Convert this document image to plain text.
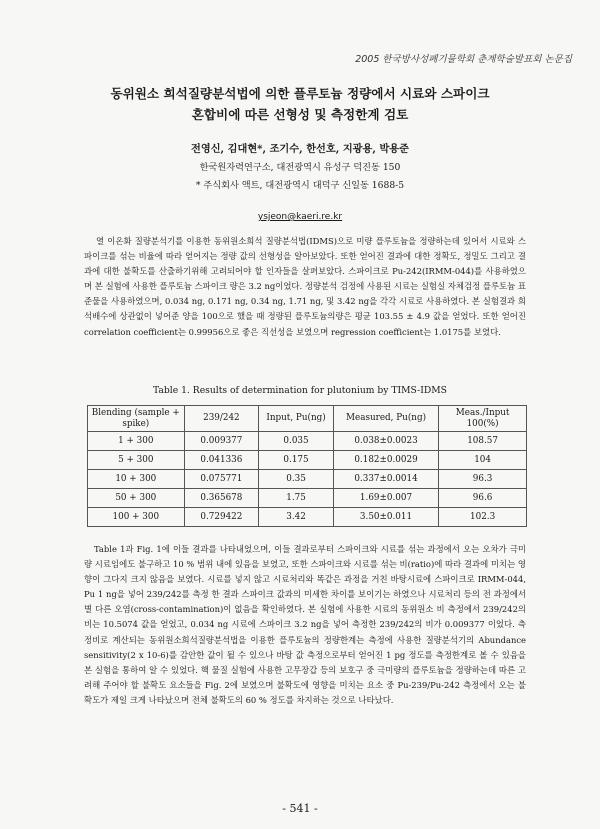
2005 한국방사성폐기물학회 춘계학술발표회 논문집
동위원소 희석질량분석법에 의한 플루토늄 정량에서 시료와 스파이크
혼합비에 따른 선형성 및 측정한계 검토
전영신, 김대현*, 조기수, 한선호, 지광용, 박용준
한국원자력연구소, 대전광역시 유성구 덕진동 150
* 주식회사 액트, 대전광역시 대덕구 신일동 1688-5
ysjeon@kaeri.re.kr
열 이온화 질량분석기를 이용한 동위원소희석 질량분석법(IDMS)으로 미량 플루토늄을 정량하는데 있어서 시료와 스파이크를 섞는 비율에 따라 얻어지는 정량 값의 선형성을 알아보았다. 또한 얻어진 결과에 대한 정확도, 정밀도 그리고 결과에 대한 불확도를 산출하기위해 고려되어야 할 인자들을 살펴보았다. 스파이크로 Pu-242(IRMM-044)를 사용하였으며 본 실험에 사용한 플루토늄 스파이크 량은 3.2 ng이었다. 정량분석 검정에 사용된 시료는 실험실 자체검정 플루토늄 표준물을 사용하였으며, 0.034 ng, 0.171 ng, 0.34 ng, 1.71 ng, 및 3.42 ng을 각각 시료로 사용하였다. 본 실험결과 희석배수에 상관없이 넣어준 양을 100으로 했을 때 정량된 플루토늄의량은 평균 103.55 ± 4.9 값을 얻었다. 또한 얻어진 correlation coefficient는 0.99956으로 좋은 직선성을 보였으며 regression coefficient는 1.0175를 보였다.
Table 1. Results of determination for plutonium by TIMS-IDMS
Blending (sample + spike)	239/242	Input, Pu(ng)	Measured, Pu(ng)	Meas./Input 100(%)
1 + 300	0.009377	0.035	0.038±0.0023	108.57
5 + 300	0.041336	0.175	0.182±0.0029	104
10 + 300	0.075771	0.35	0.337±0.0014	96.3
50 + 300	0.365678	1.75	1.69±0.007	96.6
100 + 300	0.729422	3.42	3.50±0.011	102.3
Table 1과 Fig. 1에 이들 결과를 나타내었으며, 이들 결과로부터 스파이크와 시료를 섞는 과정에서 오는 오차가 극미량 시료임에도 불구하고 10 % 범위 내에 있음을 보였고, 또한 스파이크와 시료를 섞는 비(ratio)에 따라 결과에 미치는 영향이 그다지 크지 않음을 보였다. 시료를 넣지 않고 시료처리와 똑같은 과정을 거친 바탕시료에 스파이크로 IRMM-044, Pu 1 ng을 넣어 239/242를 측정 한 결과 스파이크 값과의 미세한 차이를 보이기는 하였으나 시료처리 등의 전 과정에서 별 다른 오염(cross-contamination)이 없음을 확인하였다. 본 실험에 사용한 시료의 동위원소 비 측정에서 239/242의 비는 10.5074 값을 얻었고, 0.034 ng 시료에 스파이크 3.2 ng을 넣어 측정한 239/242의 비가 0.009377 이었다. 측정비로 계산되는 동위원소희석질량분석법을 이용한 플루토늄의 정량한계는 측정에 사용한 질량분석기의 Abundance sensitivity(2 x 10-6)를 감안한 값이 될 수 있으나 바탕 값 측정으로부터 얻어진 1 pg 정도를 측정한계로 볼 수 있음을 본 실험을 통하여 알 수 있었다. 핵 물질 실험에 사용한 고무장갑 등의 보호구 중 극미량의 플루토늄을 정량하는데 따른 고려해 주어야 할 불확도 요소들을 Fig. 2에 보였으며 불확도에 영향을 미치는 요소 중 Pu-239/Pu-242 측정에서 오는 불확도가 제일 크게 나타났으며 전체 불확도의 60 % 정도를 차지하는 것으로 나타났다.
- 541 -
